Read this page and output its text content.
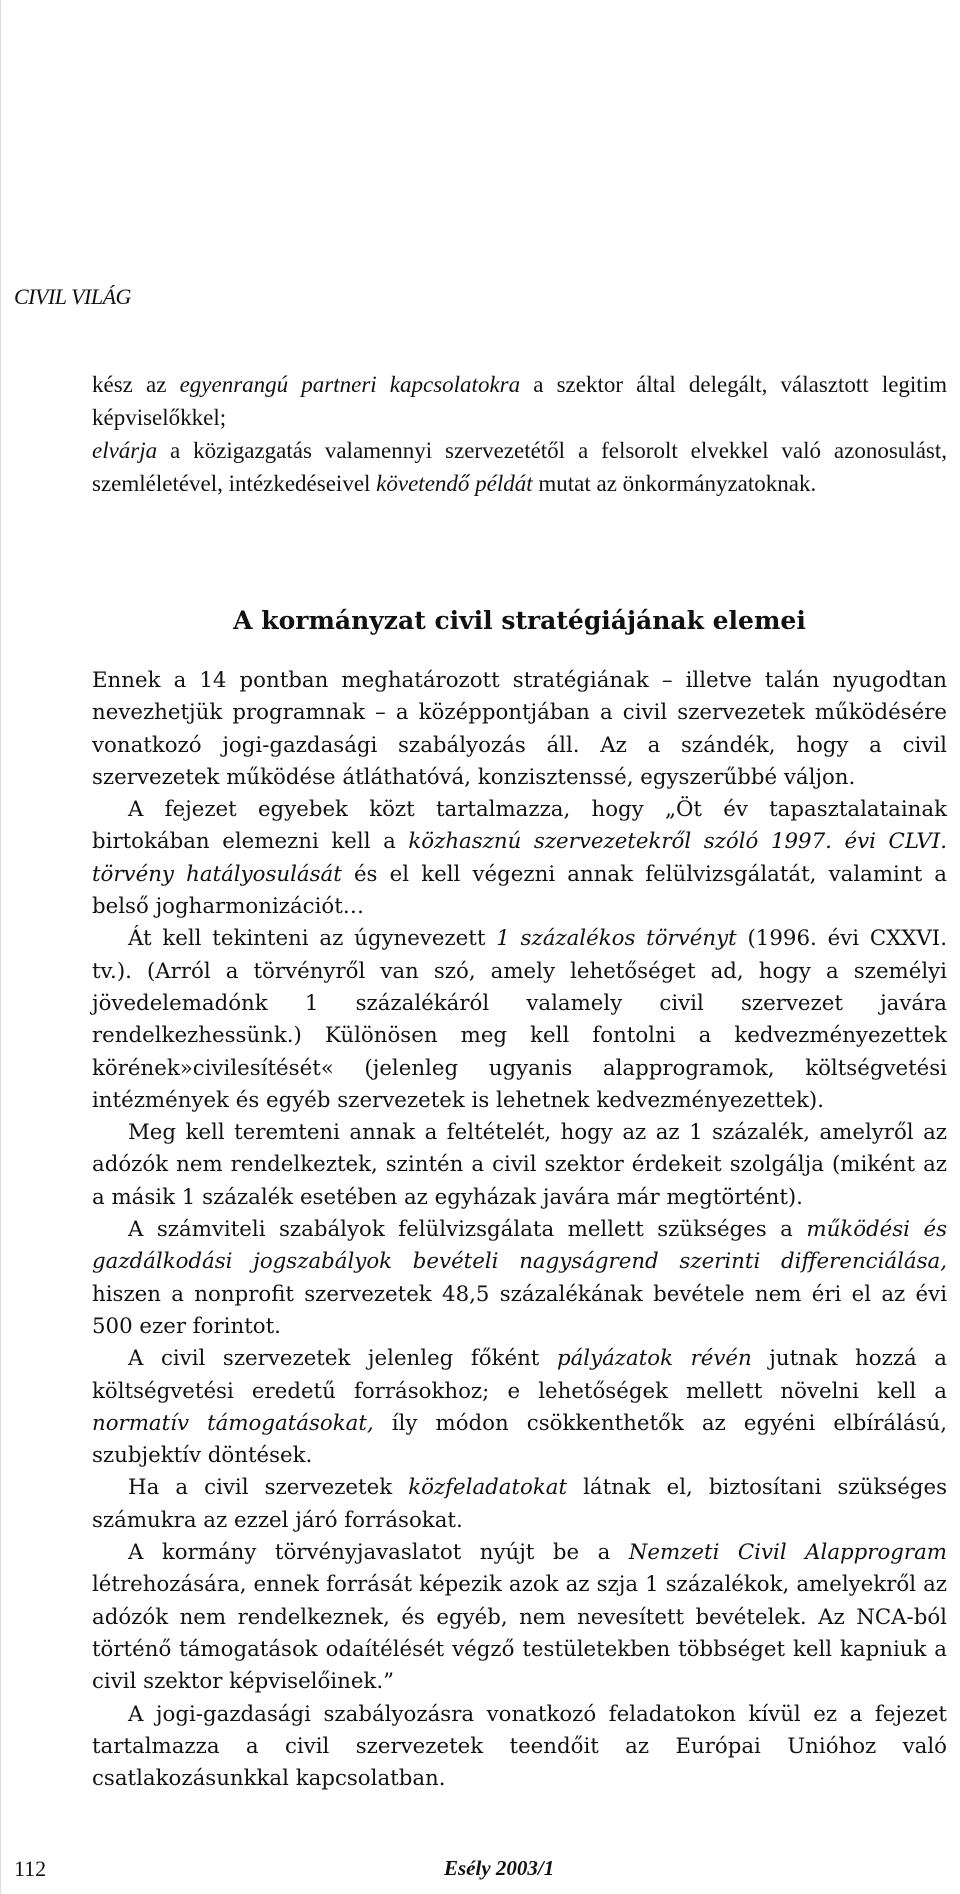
CIVIL VILÁG

kész az egyenrangú partneri kapcsolatokra a szektor által delegált, választott legitim képviselőkkel;

elvárja a közigazgatás valamennyi szervezetétől a felsorolt elvekkel való azonosulást, szemléletével, intézkedéseivel követendő példát mutat az önkormányzatoknak.

A kormányzat civil stratégiájának elemei

Ennek a 14 pontban meghatározott stratégiának – illetve talán nyugodtan nevezhetjük programnak – a középpontjában a civil szervezetek működésére vonatkozó jogi-gazdasági szabályozás áll. Az a szándék, hogy a civil szervezetek működése átláthatóvá, konzisztenssé, egyszerűbbé váljon.

A fejezet egyebek közt tartalmazza, hogy „Öt év tapasztalatainak birtokában elemezni kell a közhasznú szervezetekről szóló 1997. évi CLVI. törvény hatályosulását és el kell végezni annak felülvizsgálatát, valamint a belső jogharmonizációt…

Át kell tekinteni az úgynevezett 1 százalékos törvényt (1996. évi CXXVI. tv.). (Arról a törvényről van szó, amely lehetőséget ad, hogy a személyi jövedelemadónk 1 százalékáról valamely civil szervezet javára rendelkezhessünk.) Különösen meg kell fontolni a kedvezményezettek körének»civilesítését« (jelenleg ugyanis alapprogramok, költségvetési intézmények és egyéb szervezetek is lehetnek kedvezményezettek).

Meg kell teremteni annak a feltételét, hogy az az 1 százalék, amelyről az adózók nem rendelkeztek, szintén a civil szektor érdekeit szolgálja (miként az a másik 1 százalék esetében az egyházak javára már megtörtént).

A számviteli szabályok felülvizsgálata mellett szükséges a működési és gazdálkodási jogszabályok bevételi nagyságrend szerinti differenciálása, hiszen a nonprofit szervezetek 48,5 százalékának bevétele nem éri el az évi 500 ezer forintot.

A civil szervezetek jelenleg főként pályázatok révén jutnak hozzá a költségvetési eredetű forrásokhoz; e lehetőségek mellett növelni kell a normatív támogatásokat, íly módon csökkenthetők az egyéni elbírálású, szubjektív döntések.

Ha a civil szervezetek közfeladatokat látnak el, biztosítani szükséges számukra az ezzel járó forrásokat.

A kormány törvényjavaslatot nyújt be a Nemzeti Civil Alapprogram létrehozására, ennek forrását képezik azok az szja 1 százalékok, amelyekről az adózók nem rendelkeznek, és egyéb, nem nevesített bevételek. Az NCA-ból történő támogatások odaítélését végző testületekben többséget kell kapniuk a civil szektor képviselőinek.”

A jogi-gazdasági szabályozásra vonatkozó feladatokon kívül ez a fejezet tartalmazza a civil szervezetek teendőit az Európai Unióhoz való csatlakozásunkkal kapcsolatban.

112	Esély 2003/1
